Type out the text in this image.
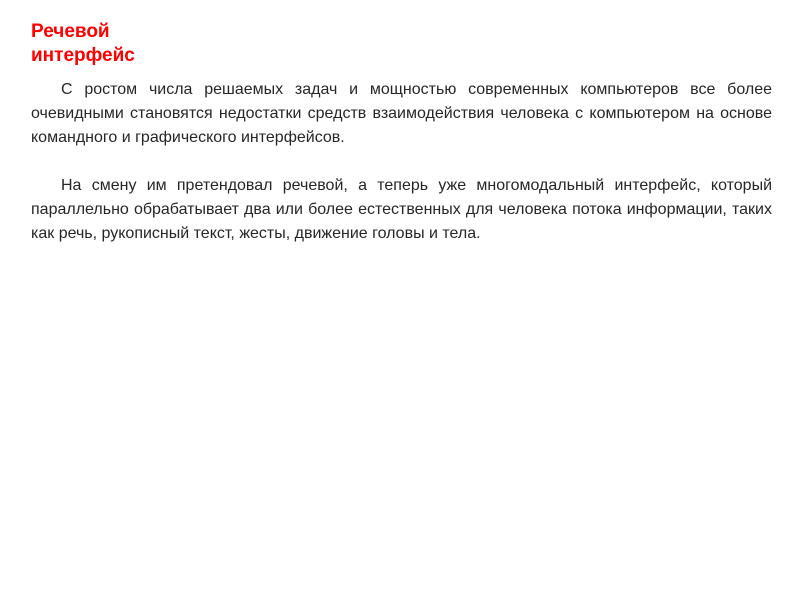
Речевой
интерфейс

С ростом числа решаемых задач и мощностью современных компьютеров все более очевидными становятся недостатки средств взаимодействия человека с компьютером на основе командного и графического интерфейсов.

На смену им претендовал речевой, а теперь уже многомодальный интерфейс, который параллельно обрабатывает два или более естественных для человека потока информации, таких как речь, рукописный текст, жесты, движение головы и тела.
